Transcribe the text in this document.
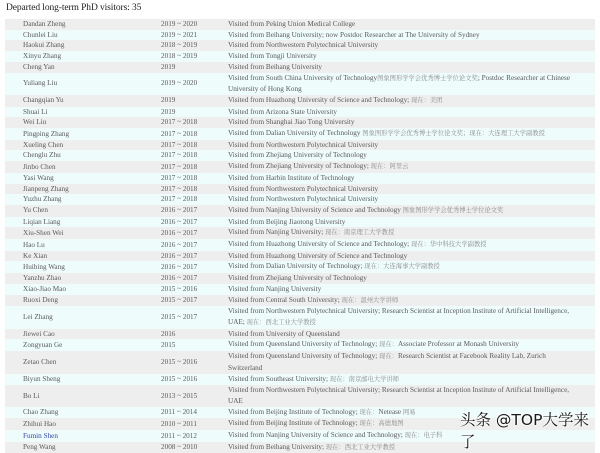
Departed long-term PhD visitors: 35
Dandan Zheng	2019 ~ 2020	Visited from Peking Union Medical College
Chunlei Liu	2019 ~ 2021	Visited from Beihang University; now Postdoc Researcher at The University of Sydney
Haokui Zhang	2018 ~ 2019	Visited from Northwestern Polytechnical University
Xinyu Zhang	2018 ~ 2019	Visited from Tongji University
Cheng Yan	2019	Visited from Beihang University
Yuliang Liu	2019 ~ 2020	Visited from South China University of Technology图象图形学学会优秀博士学位论文奖; Postdoc Researcher at Chinese University of Hong Kong
Changqian Yu	2019	Visited from Huazhong University of Science and Technology; 现在：美团
Shuai Li	2019	Visited from Arizona State University
Wei Liu	2017 ~ 2018	Visited from Shanghai Jiao Tong University
Pingping Zhang	2017 ~ 2018	Visited from Dalian University of Technology 图象图形学学会优秀博士学位论文奖；现在：大连理工大学副教授
Xueling Chen	2017 ~ 2018	Visited from Northwestern Polytechnical University
Chenglu Zhu	2017 ~ 2018	Visited from Zhejiang University of Technology
Jinbo Chen	2017 ~ 2018	Visited from Zhejiang University of Technology; 现在：阿里云
Yasi Wang	2017 ~ 2018	Visited from Harbin Institute of Technology
Jianpeng Zhang	2017 ~ 2018	Visited from Northwestern Polytechnical University
Yuzhu Zhang	2017 ~ 2018	Visited from Northwestern Polytechnical University
Yu Chen	2016 ~ 2017	Visited from Nanjing University of Science and Technology 图象图形学学会优秀博士学位论文奖
Liqian Liang	2016 ~ 2017	Visited from Beijing Jiaotong University
Xiu-Shen Wei	2016 ~ 2017	Visited from Nanjing University; 现在：南京理工大学教授
Hao Lu	2016 ~ 2017	Visited from Huazhong University of Science and Technology; 现在：华中科技大学副教授
Ke Xian	2016 ~ 2017	Visited from Huazhong University of Science and Technology
Huibing Wang	2016 ~ 2017	Visited from Dalian University of Technology; 现在：大连海事大学副教授
Yanzhu Zhao	2016 ~ 2017	Visited from Zhejiang University of Technology
Xiao-Jiao Mao	2015 ~ 2016	Visited from Nanjing University
Ruoxi Deng	2015 ~ 2017	Visited from Central South University; 现在：温州大学讲师
Lei Zhang	2015 ~ 2017	Visited from Northwestern Polytechnical University; Research Scientist at Inception Institute of Artificial Intelligence, UAE; 现在：西北工业大学教授
Jiewei Cao	2016	Visited from University of Queensland
Zongyuan Ge	2015	Visited from Queensland University of Technology; 现在：Associate Professor at Monash University
Zetao Chen	2015 ~ 2016	Visited from Queensland University of Technology; 现在：Research Scientist at Facebook Reality Lab, Zurich Switzerland
Biyun Sheng	2015 ~ 2016	Visited from Southeast University; 现在：南京邮电大学讲师
Bo Li	2013 ~ 2015	Visited from Northwestern Polytechnical University; Research Scientist at Inception Institute of Artificial Intelligence, UAE
Chao Zhang	2011 ~ 2014	Visited from Beijing Institute of Technology; 现在：Netease 网易
Zhihui Hao	2010 ~ 2011	Visited from Beijing Institute of Technology; 现在：高德地图
Fumin Shen	2011 ~ 2012	Visited from Nanjing University of Science and Technology; 现在：电子科
Peng Wang	2008 ~ 2010	Visited from Beihang University; 现在：西北工业大学教授
头条 @TOP大学来了
